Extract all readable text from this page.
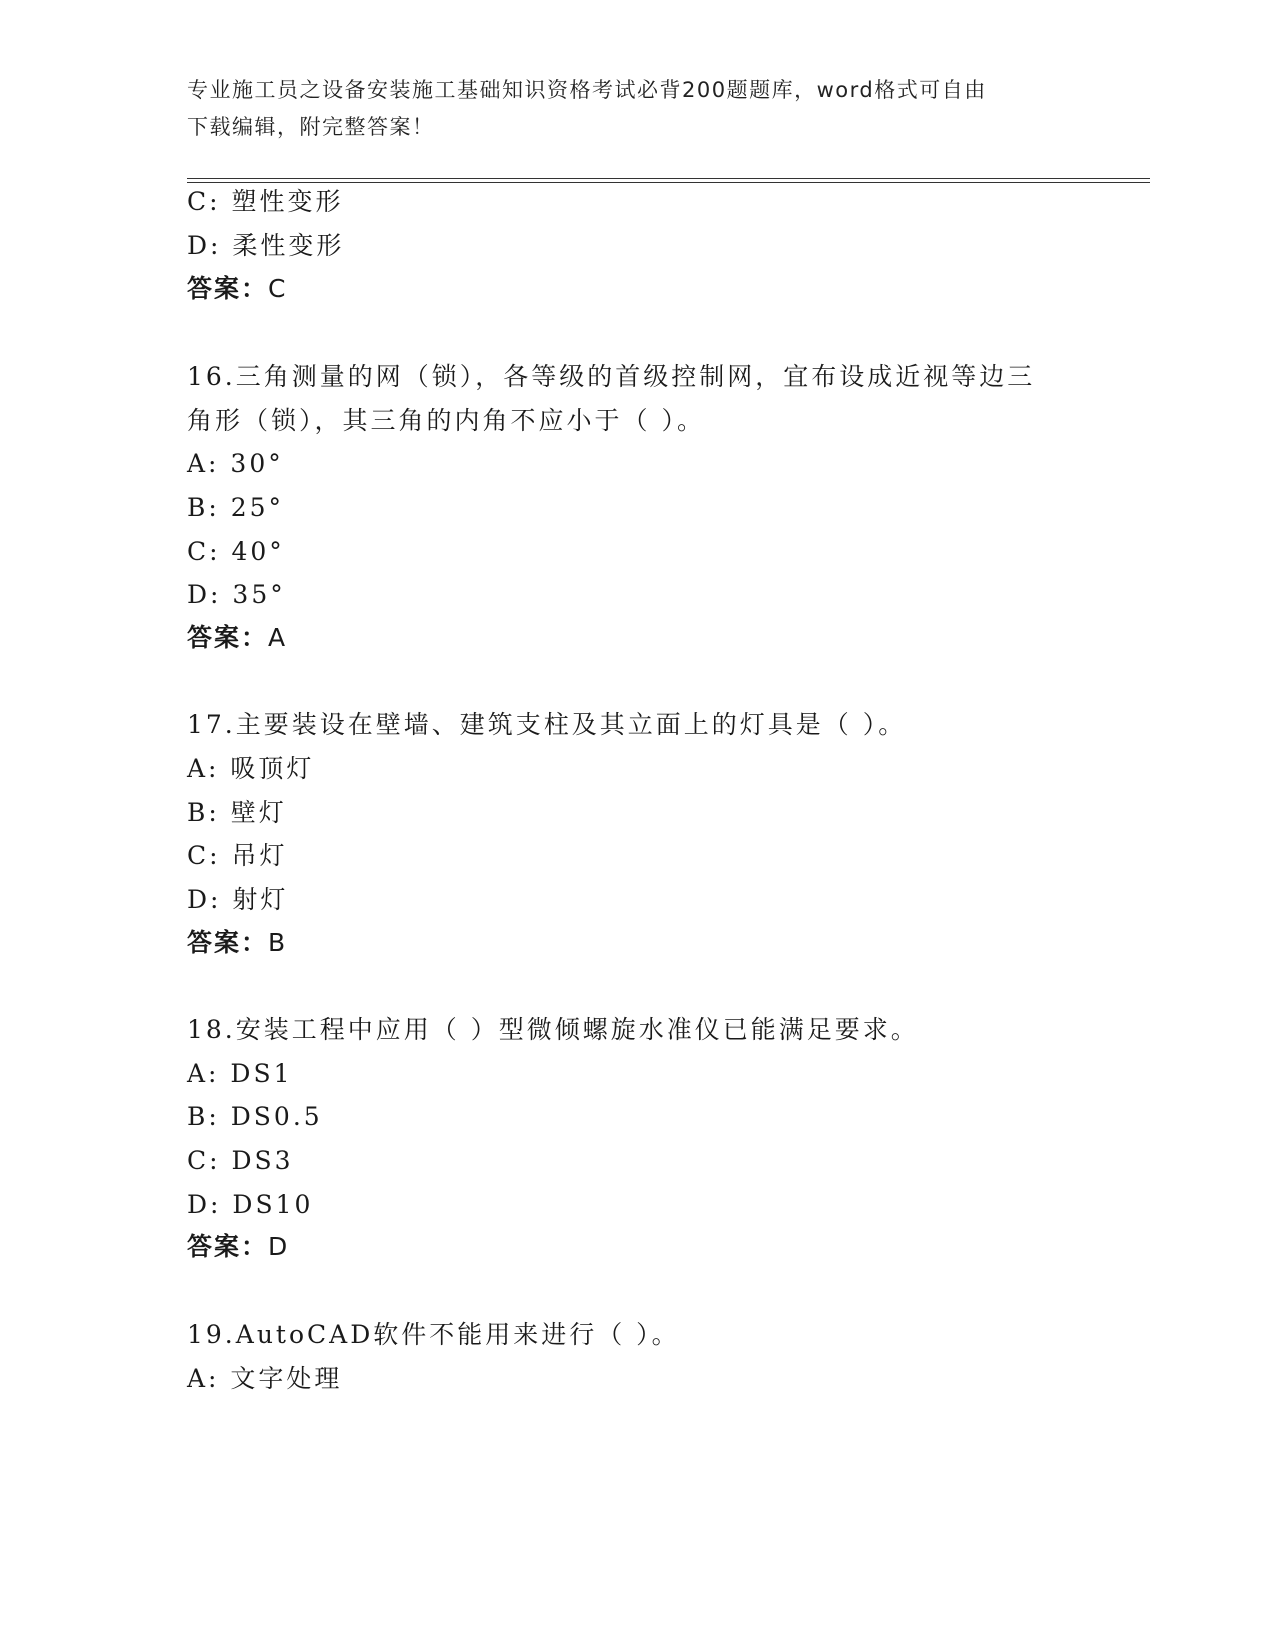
专业施工员之设备安装施工基础知识资格考试必背200题题库，word格式可自由
下载编辑，附完整答案！
C: 塑性变形
D: 柔性变形
答案：C
16.三角测量的网（锁），各等级的首级控制网，宜布设成近视等边三
角形（锁），其三角的内角不应小于（ ）。
A: 30°
B: 25°
C: 40°
D: 35°
答案：A
17.主要装设在壁墙、建筑支柱及其立面上的灯具是（ ）。
A: 吸顶灯
B: 壁灯
C: 吊灯
D: 射灯
答案：B
18.安装工程中应用（ ）型微倾螺旋水准仪已能满足要求。
A: DS1
B: DS0.5
C: DS3
D: DS10
答案：D
19.AutoCAD软件不能用来进行（ ）。
A: 文字处理
